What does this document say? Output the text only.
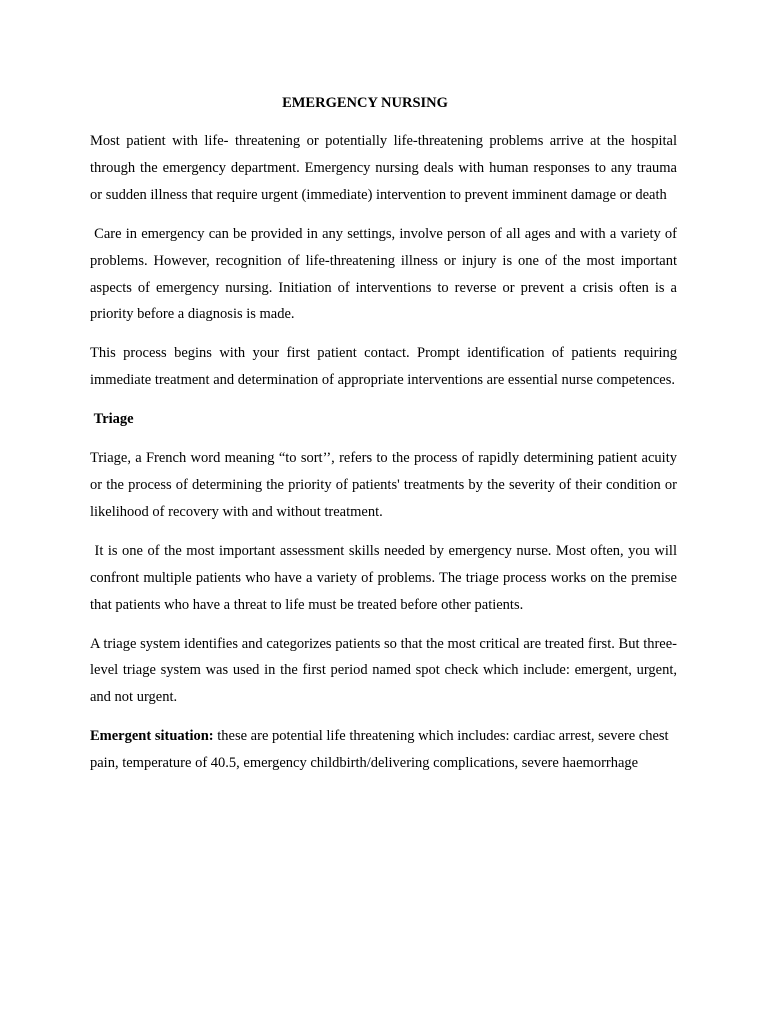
EMERGENCY NURSING

Most patient with life- threatening or potentially life-threatening problems arrive at the hospital through the emergency department. Emergency nursing deals with human responses to any trauma or sudden illness that require urgent (immediate) intervention to prevent imminent damage or death

Care in emergency can be provided in any settings, involve person of all ages and with a variety of problems. However, recognition of life-threatening illness or injury is one of the most important aspects of emergency nursing. Initiation of interventions to reverse or prevent a crisis often is a priority before a diagnosis is made.

This process begins with your first patient contact. Prompt identification of patients requiring immediate treatment and determination of appropriate interventions are essential nurse competences.

Triage

Triage, a French word meaning “to sort’’, refers to the process of rapidly determining patient acuity or the process of determining the priority of patients' treatments by the severity of their condition or likelihood of recovery with and without treatment.

It is one of the most important assessment skills needed by emergency nurse. Most often, you will confront multiple patients who have a variety of problems. The triage process works on the premise that patients who have a threat to life must be treated before other patients.

A triage system identifies and categorizes patients so that the most critical are treated first. But three-level triage system was used in the first period named spot check which include: emergent, urgent, and not urgent.

Emergent situation: these are potential life threatening which includes: cardiac arrest, severe chest pain, temperature of 40.5, emergency childbirth/delivering complications, severe haemorrhage
